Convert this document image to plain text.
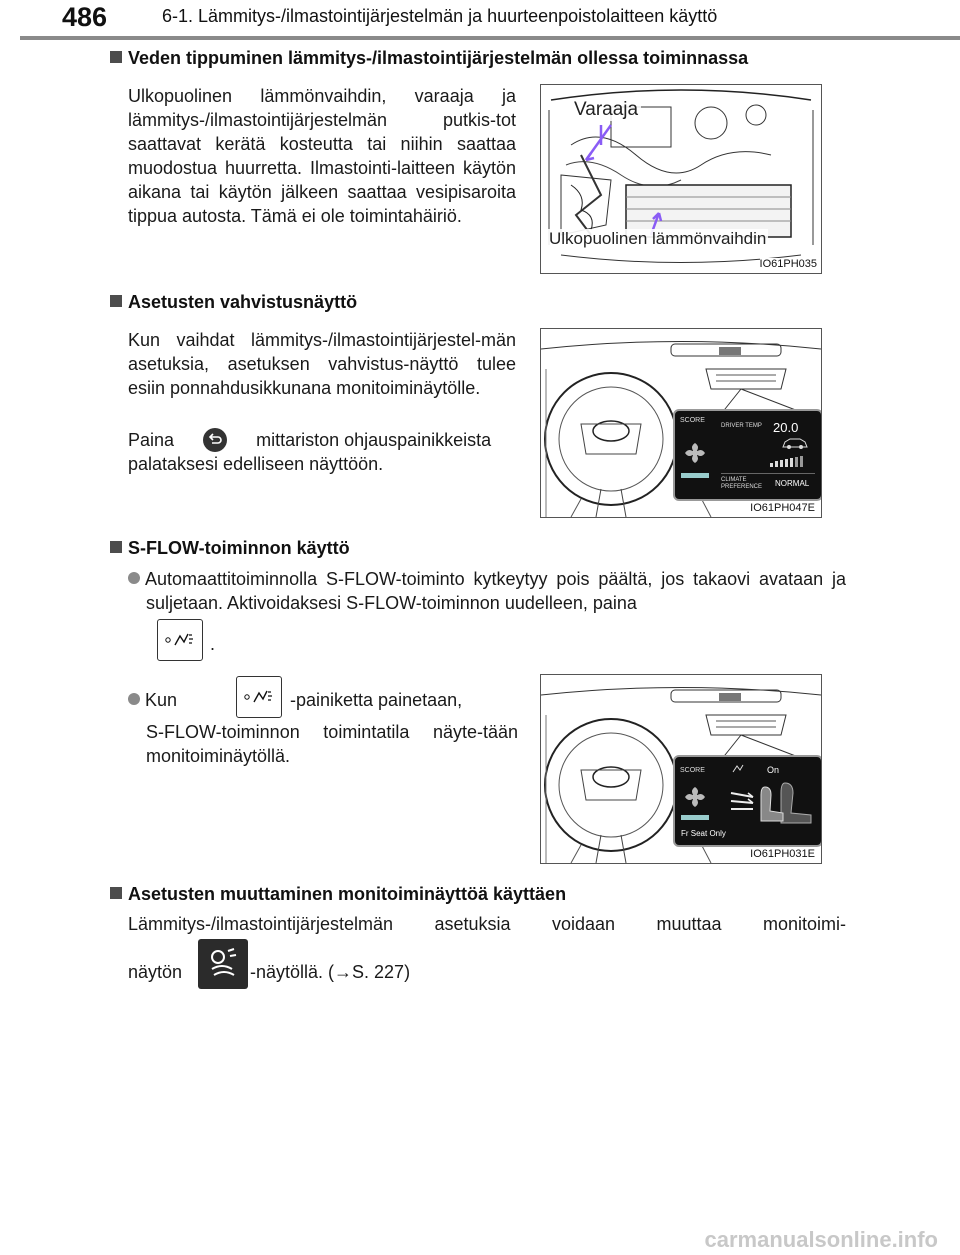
486	6-1. Lämmitys-/ilmastointijärjestelmän ja huurteenpoistolaitteen käyttö
Veden tippuminen lämmitys-/ilmastointijärjestelmän ollessa toiminnassa
Ulkopuolinen lämmönvaihdin, varaaja ja lämmitys-/ilmastointijärjestelmän putkis-tot saattavat kerätä kosteutta tai niihin saattaa muodostua huurretta. Ilmastointi-laitteen käytön aikana tai käytön jälkeen saattaa vesipisaroita tippua autosta. Tämä ei ole toimintahäiriö.
Varaaja
Ulkopuolinen lämmönvaihdin
IO61PH035
Asetusten vahvistusnäyttö
Kun vaihdat lämmitys-/ilmastointijärjestel-män asetuksia, asetuksen vahvistus-näyttö tulee esiin ponnahdusikkunana monitoiminäytölle.
Paina	mittariston ohjauspainikkeista
palataksesi edelliseen näyttöön.
SCORE
DRIVER TEMP 20.0
CLIMATE
PREFERENCE NORMAL
IO61PH047E
S-FLOW-toiminnon käyttö
Automaattitoiminnolla S-FLOW-toiminto kytkeytyy pois päältä, jos takaovi avataan ja suljetaan. Aktivoidaksesi S-FLOW-toiminnon uudelleen, paina
.
Kun	-painiketta painetaan,
S-FLOW-toiminnon toimintatila näyte-tään monitoiminäytöllä.
SCORE	On
Fr Seat Only
IO61PH031E
Asetusten muuttaminen monitoiminäyttöä käyttäen
Lämmitys-/ilmastointijärjestelmän asetuksia voidaan muuttaa monitoimi-
näytön	-näytöllä. (→S. 227)
carmanualsonline.info
